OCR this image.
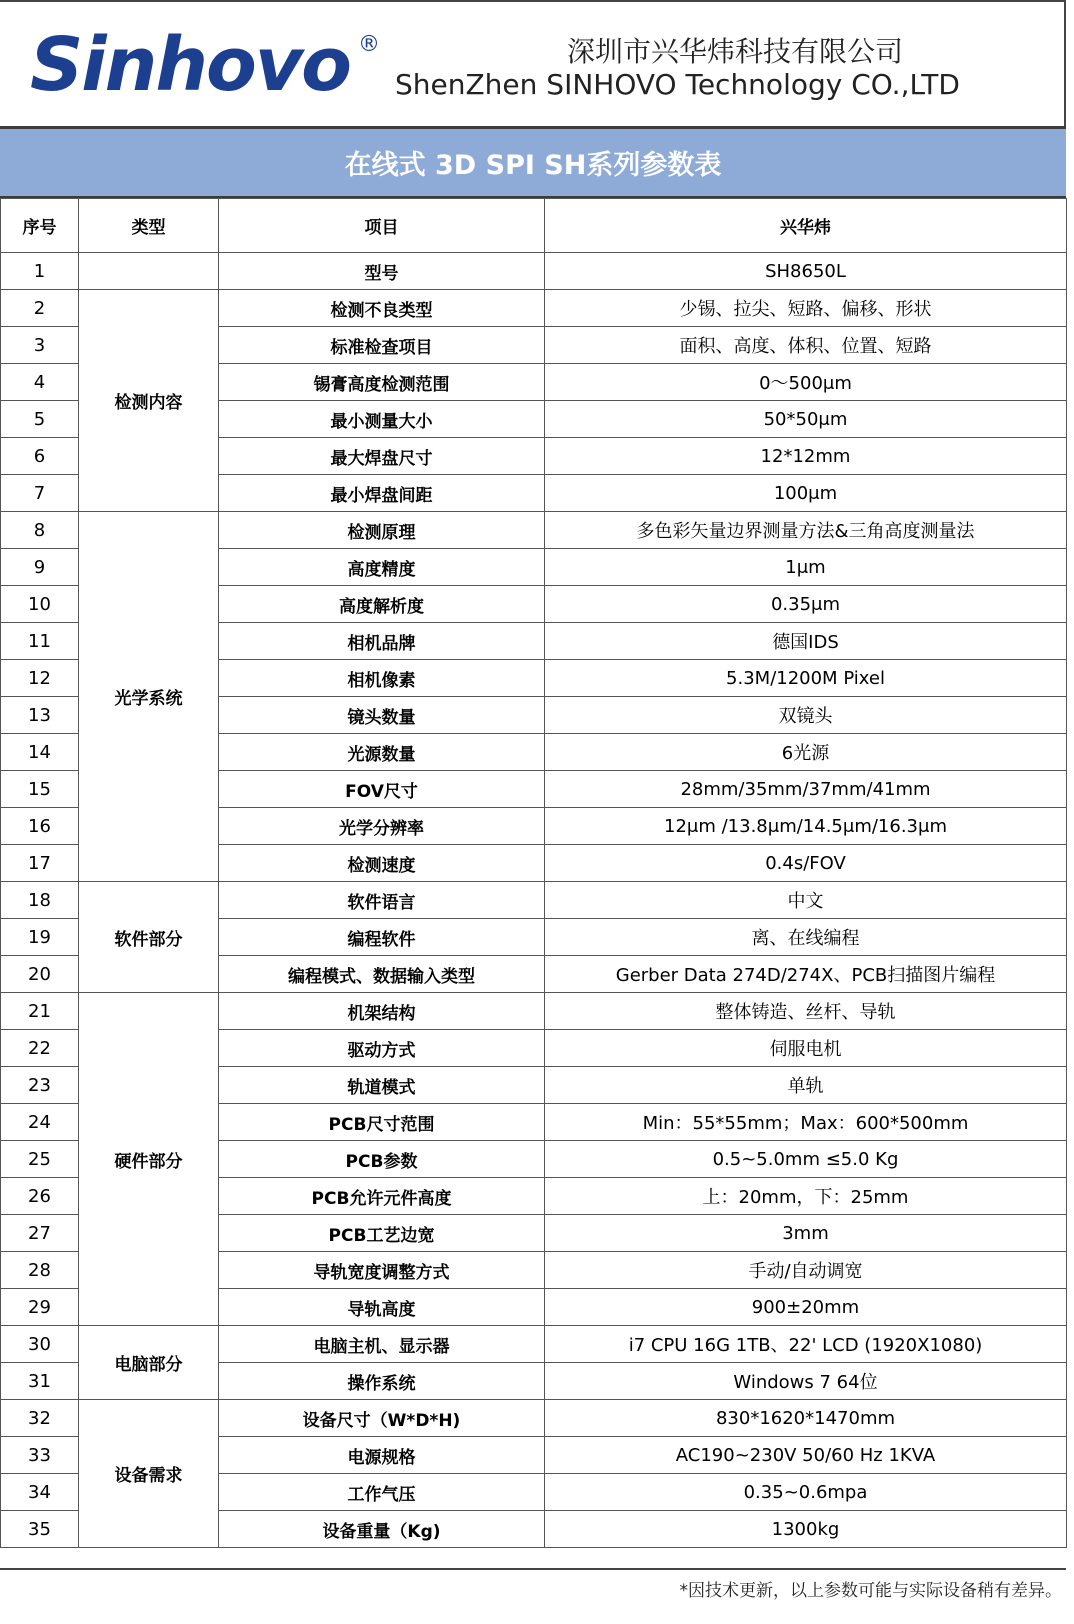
Sinhovo ®	深圳市兴华炜科技有限公司
ShenZhen SINHOVO Technology CO.,LTD
在线式 3D SPI SH系列参数表
序号	类型	项目	兴华炜
1		型号	SH8650L
2	检测内容	检测不良类型	少锡、拉尖、短路、偏移、形状
3		标准检查项目	面积、高度、体积、位置、短路
4		锡膏高度检测范围	0～500μm
5		最小测量大小	50*50μm
6		最大焊盘尺寸	12*12mm
7		最小焊盘间距	100μm
8	光学系统	检测原理	多色彩矢量边界测量方法&三角高度测量法
9		高度精度	1μm
10		高度解析度	0.35μm
11		相机品牌	德国IDS
12		相机像素	5.3M/1200M Pixel
13		镜头数量	双镜头
14		光源数量	6光源
15		FOV尺寸	28mm/35mm/37mm/41mm
16		光学分辨率	12μm /13.8μm/14.5μm/16.3μm
17		检测速度	0.4s/FOV
18	软件部分	软件语言	中文
19		编程软件	离、在线编程
20		编程模式、数据输入类型	Gerber Data 274D/274X、PCB扫描图片编程
21	硬件部分	机架结构	整体铸造、丝杆、导轨
22		驱动方式	伺服电机
23		轨道模式	单轨
24		PCB尺寸范围	Min：55*55mm；Max：600*500mm
25		PCB参数	0.5~5.0mm ≤5.0 Kg
26		PCB允许元件高度	上：20mm，下：25mm
27		PCB工艺边宽	3mm
28		导轨宽度调整方式	手动/自动调宽
29		导轨高度	900±20mm
30	电脑部分	电脑主机、显示器	i7 CPU 16G 1TB、22' LCD (1920X1080)
31		操作系统	Windows 7 64位
32	设备需求	设备尺寸（W*D*H)	830*1620*1470mm
33		电源规格	AC190~230V 50/60 Hz 1KVA
34		工作气压	0.35~0.6mpa
35		设备重量（Kg)	1300kg
*因技术更新，以上参数可能与实际设备稍有差异。
